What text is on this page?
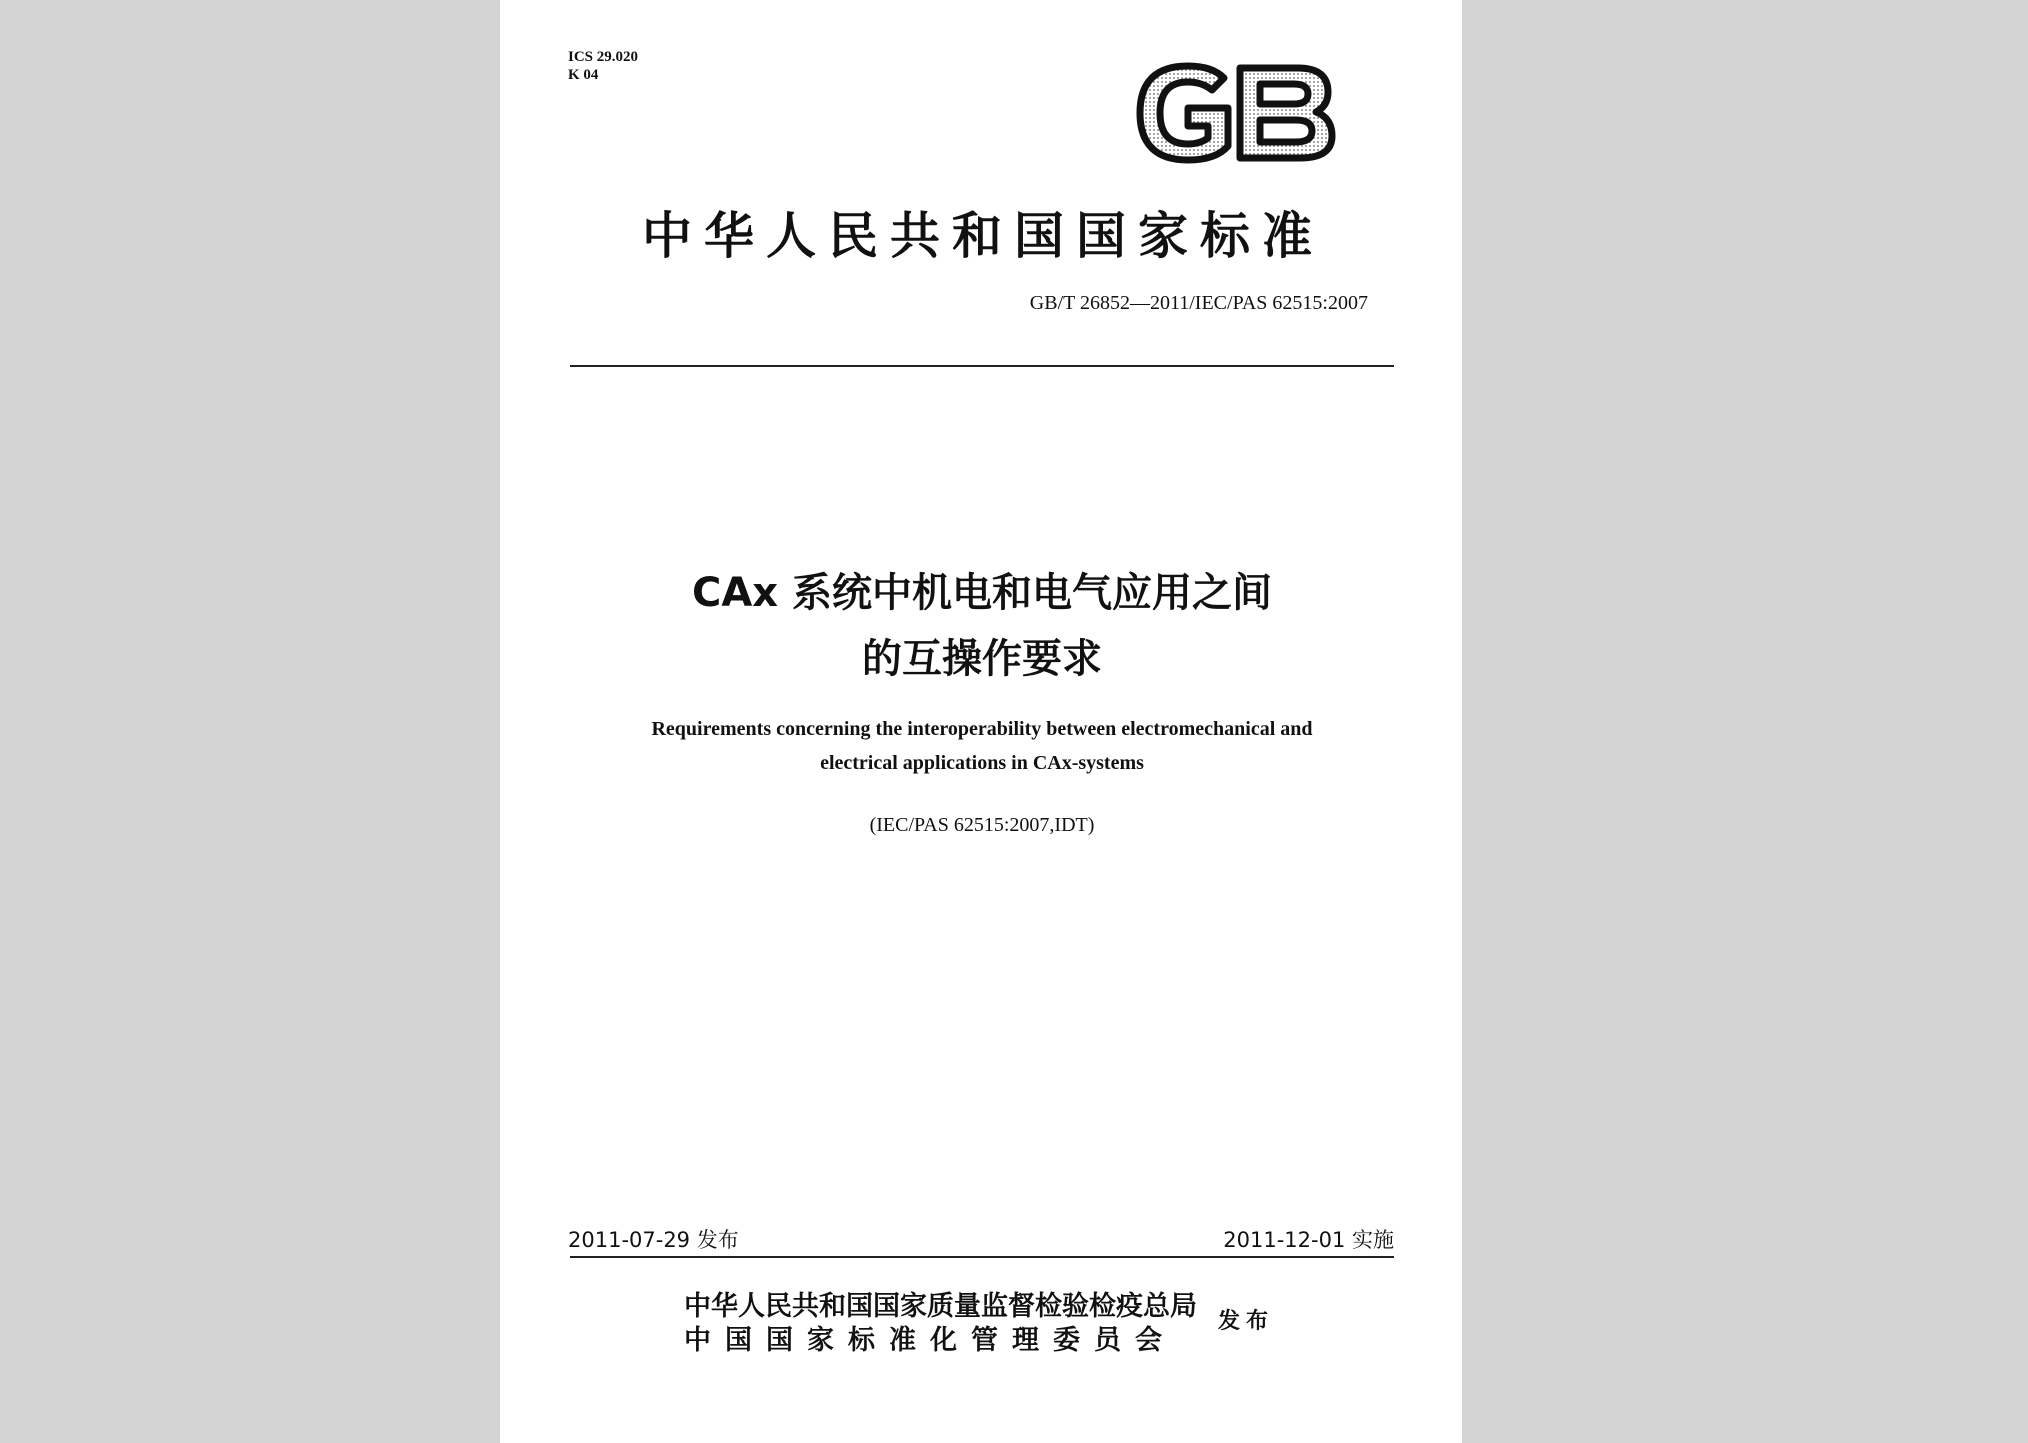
ICS 29.020
K 04
中华人民共和国国家标准
GB/T 26852—2011/IEC/PAS 62515:2007
CAx 系统中机电和电气应用之间
的互操作要求
Requirements concerning the interoperability between electromechanical and
electrical applications in CAx-systems
(IEC/PAS 62515:2007,IDT)
2011-07-29 发布	2011-12-01 实施
中华人民共和国国家质量监督检验检疫总局
中国国家标准化管理委员会
发布
